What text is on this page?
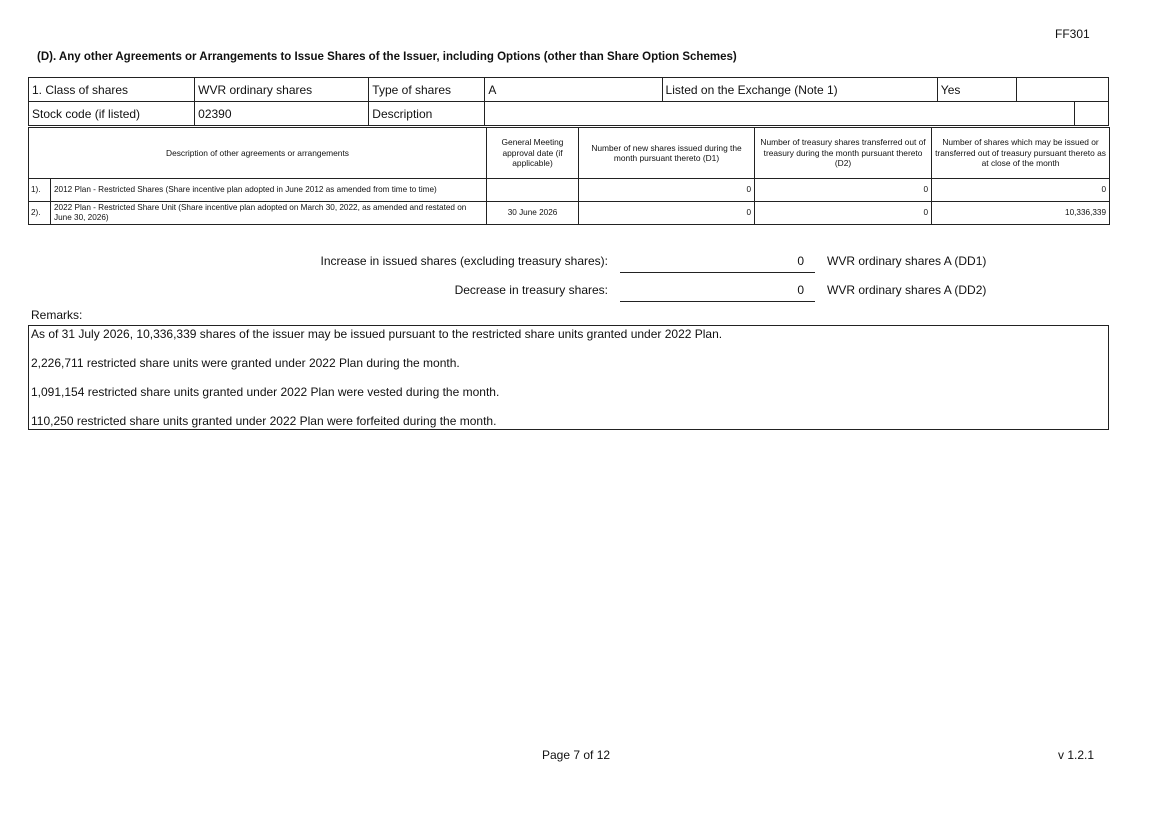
FF301
(D). Any other Agreements or Arrangements to Issue Shares of the Issuer, including Options (other than Share Option Schemes)
1. Class of shares	WVR ordinary shares	Type of shares	A	Listed on the Exchange (Note 1)	Yes		
Stock code (if listed)	02390	Description					
Description of other agreements or arrangements		General Meeting approval date (if applicable)	Number of new shares issued during the month pursuant thereto (D1)	Number of treasury shares transferred out of treasury during the month pursuant thereto (D2)	Number of shares which may be issued or transferred out of treasury pursuant thereto as at close of the month
1).	2012 Plan - Restricted Shares (Share incentive plan adopted in June 2012 as amended from time to time)		0	0	0
2).	2022 Plan - Restricted Share Unit (Share incentive plan adopted on March 30, 2022, as amended and restated on June 30, 2026)	30 June 2026	0	0	10,336,339
Increase in issued shares (excluding treasury shares):	0 WVR ordinary shares A (DD1)
Decrease in treasury shares:	0 WVR ordinary shares A (DD2)
Remarks:
As of 31 July 2026, 10,336,339 shares of the issuer may be issued pursuant to the restricted share units granted under 2022 Plan.
2,226,711 restricted share units were granted under 2022 Plan during the month.
1,091,154 restricted share units granted under 2022 Plan were vested during the month.
110,250 restricted share units granted under 2022 Plan were forfeited during the month.
Page 7 of 12	v 1.2.1
